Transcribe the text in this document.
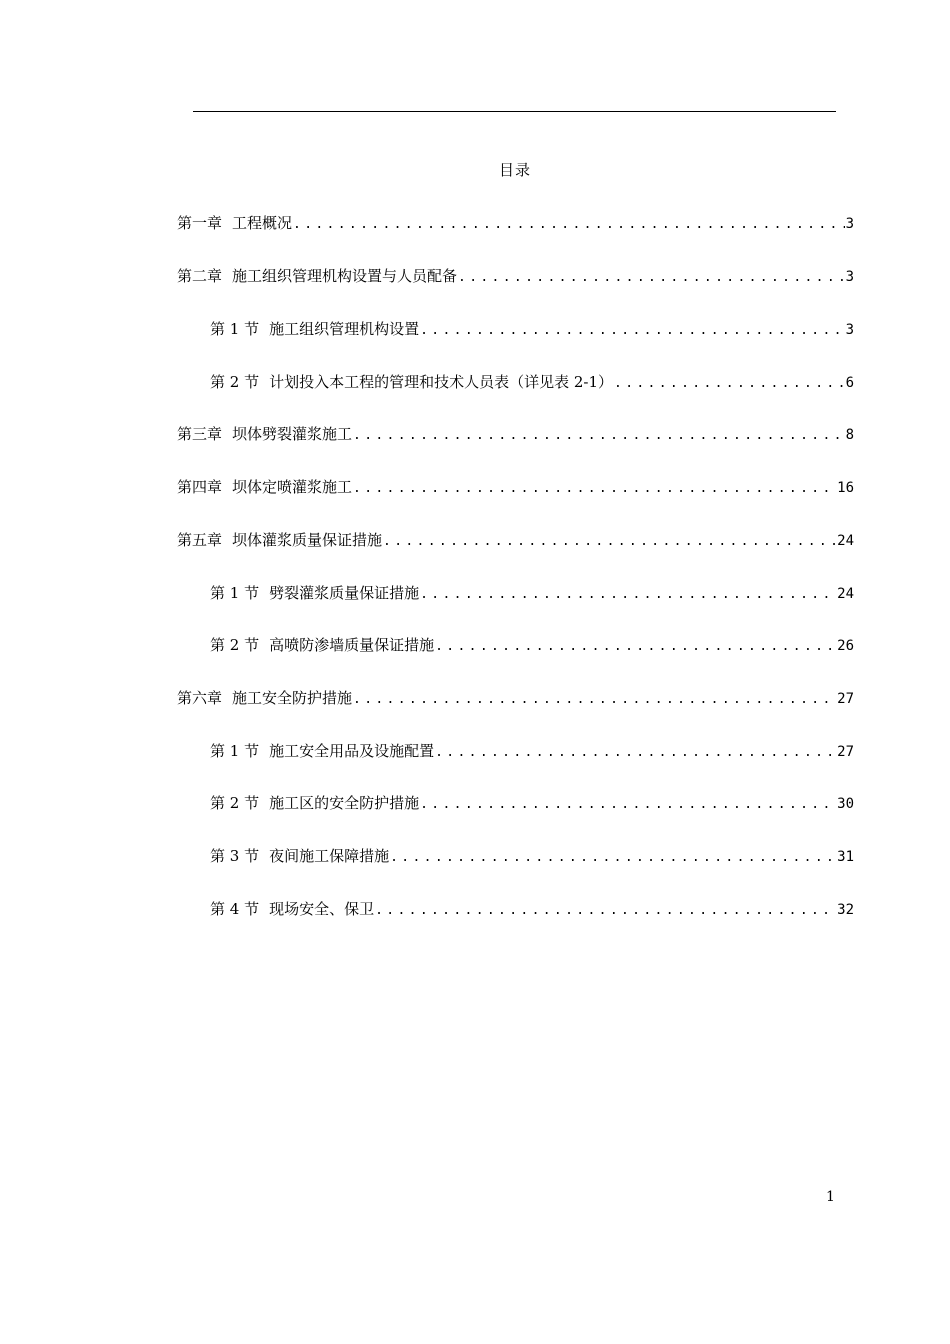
目录
第一章 工程概况 .....	3
第二章 施工组织管理机构设置与人员配备 .....	3
第 1 节 施工组织管理机构设置 .....	3
第 2 节 计划投入本工程的管理和技术人员表（详见表 2-1） .....	6
第三章 坝体劈裂灌浆施工 .....	8
第四章 坝体定喷灌浆施工 .....	16
第五章 坝体灌浆质量保证措施 .....	24
第 1 节 劈裂灌浆质量保证措施 .....	24
第 2 节 高喷防渗墙质量保证措施 .....	26
第六章 施工安全防护措施 .....	27
第 1 节 施工安全用品及设施配置 .....	27
第 2 节 施工区的安全防护措施 .....	30
第 3 节 夜间施工保障措施 .....	31
第 4 节 现场安全、保卫 .....	32
1
